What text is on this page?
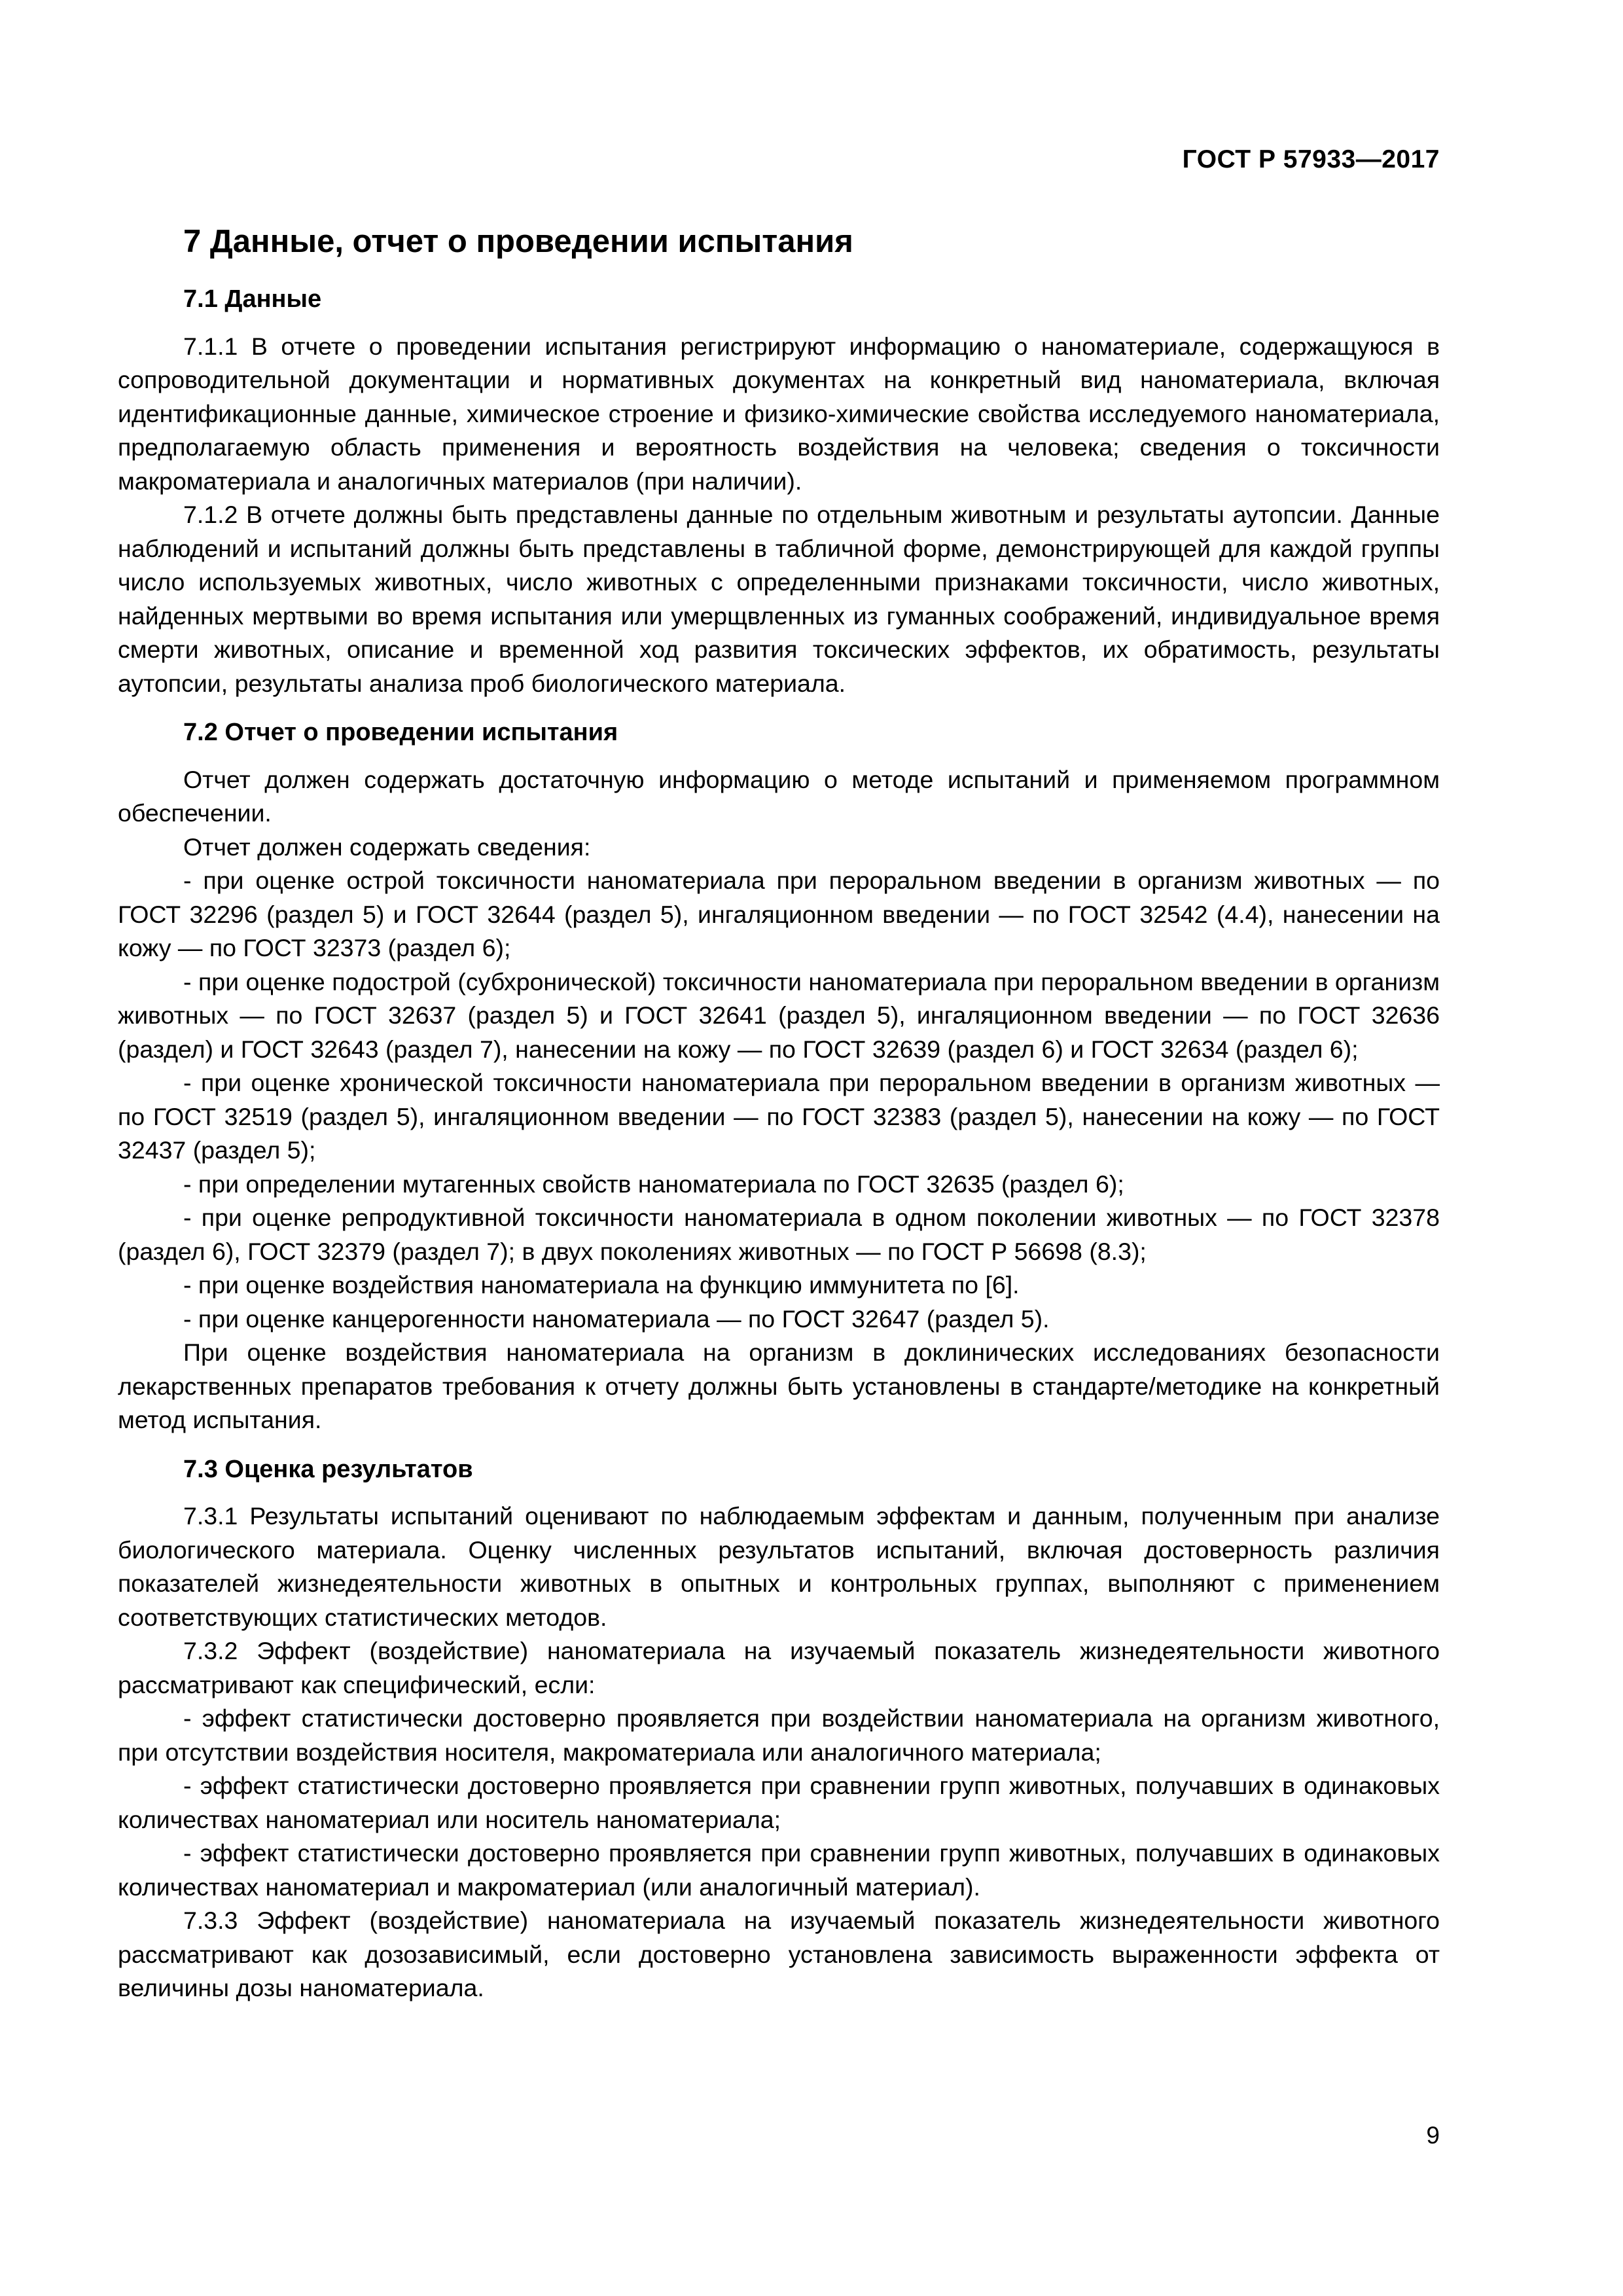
ГОСТ Р 57933—2017
7 Данные, отчет о проведении испытания
7.1 Данные

7.1.1 В отчете о проведении испытания регистрируют информацию о наноматериале, содержащуюся в сопроводительной документации и нормативных документах на конкретный вид наноматериала, включая идентификационные данные, химическое строение и физико-химические свойства исследуемого наноматериала, предполагаемую область применения и вероятность воздействия на человека; сведения о токсичности макроматериала и аналогичных материалов (при наличии).

7.1.2 В отчете должны быть представлены данные по отдельным животным и результаты аутопсии. Данные наблюдений и испытаний должны быть представлены в табличной форме, демонстрирующей для каждой группы число используемых животных, число животных с определенными признаками токсичности, число животных, найденных мертвыми во время испытания или умерщвленных из гуманных соображений, индивидуальное время смерти животных, описание и временной ход развития токсических эффектов, их обратимость, результаты аутопсии, результаты анализа проб биологического материала.

7.2 Отчет о проведении испытания

Отчет должен содержать достаточную информацию о методе испытаний и применяемом программном обеспечении.

Отчет должен содержать сведения:

- при оценке острой токсичности наноматериала при пероральном введении в организм животных — по ГОСТ 32296 (раздел 5) и ГОСТ 32644 (раздел 5), ингаляционном введении — по ГОСТ 32542 (4.4), нанесении на кожу — по ГОСТ 32373 (раздел 6);

- при оценке подострой (субхронической) токсичности наноматериала при пероральном введении в организм животных — по ГОСТ 32637 (раздел 5) и ГОСТ 32641 (раздел 5), ингаляционном введении — по ГОСТ 32636 (раздел) и ГОСТ 32643 (раздел 7), нанесении на кожу — по ГОСТ 32639 (раздел 6) и ГОСТ 32634 (раздел 6);

- при оценке хронической токсичности наноматериала при пероральном введении в организм животных — по ГОСТ 32519 (раздел 5), ингаляционном введении — по ГОСТ 32383 (раздел 5), нанесении на кожу — по ГОСТ 32437 (раздел 5);

- при определении мутагенных свойств наноматериала по ГОСТ 32635 (раздел 6);

- при оценке репродуктивной токсичности наноматериала в одном поколении животных — по ГОСТ 32378 (раздел 6), ГОСТ 32379 (раздел 7); в двух поколениях животных — по ГОСТ Р 56698 (8.3);

- при оценке воздействия наноматериала на функцию иммунитета по [6].

- при оценке канцерогенности наноматериала — по ГОСТ 32647 (раздел 5).

При оценке воздействия наноматериала на организм в доклинических исследованиях безопасности лекарственных препаратов требования к отчету должны быть установлены в стандарте/методике на конкретный метод испытания.

7.3 Оценка результатов

7.3.1 Результаты испытаний оценивают по наблюдаемым эффектам и данным, полученным при анализе биологического материала. Оценку численных результатов испытаний, включая достоверность различия показателей жизнедеятельности животных в опытных и контрольных группах, выполняют с применением соответствующих статистических методов.

7.3.2 Эффект (воздействие) наноматериала на изучаемый показатель жизнедеятельности животного рассматривают как специфический, если:

- эффект статистически достоверно проявляется при воздействии наноматериала на организм животного, при отсутствии воздействия носителя, макроматериала или аналогичного материала;

- эффект статистически достоверно проявляется при сравнении групп животных, получавших в одинаковых количествах наноматериал или носитель наноматериала;

- эффект статистически достоверно проявляется при сравнении групп животных, получавших в одинаковых количествах наноматериал и макроматериал (или аналогичный материал).

7.3.3 Эффект (воздействие) наноматериала на изучаемый показатель жизнедеятельности животного рассматривают как дозозависимый, если достоверно установлена зависимость выраженности эффекта от величины дозы наноматериала.

9
